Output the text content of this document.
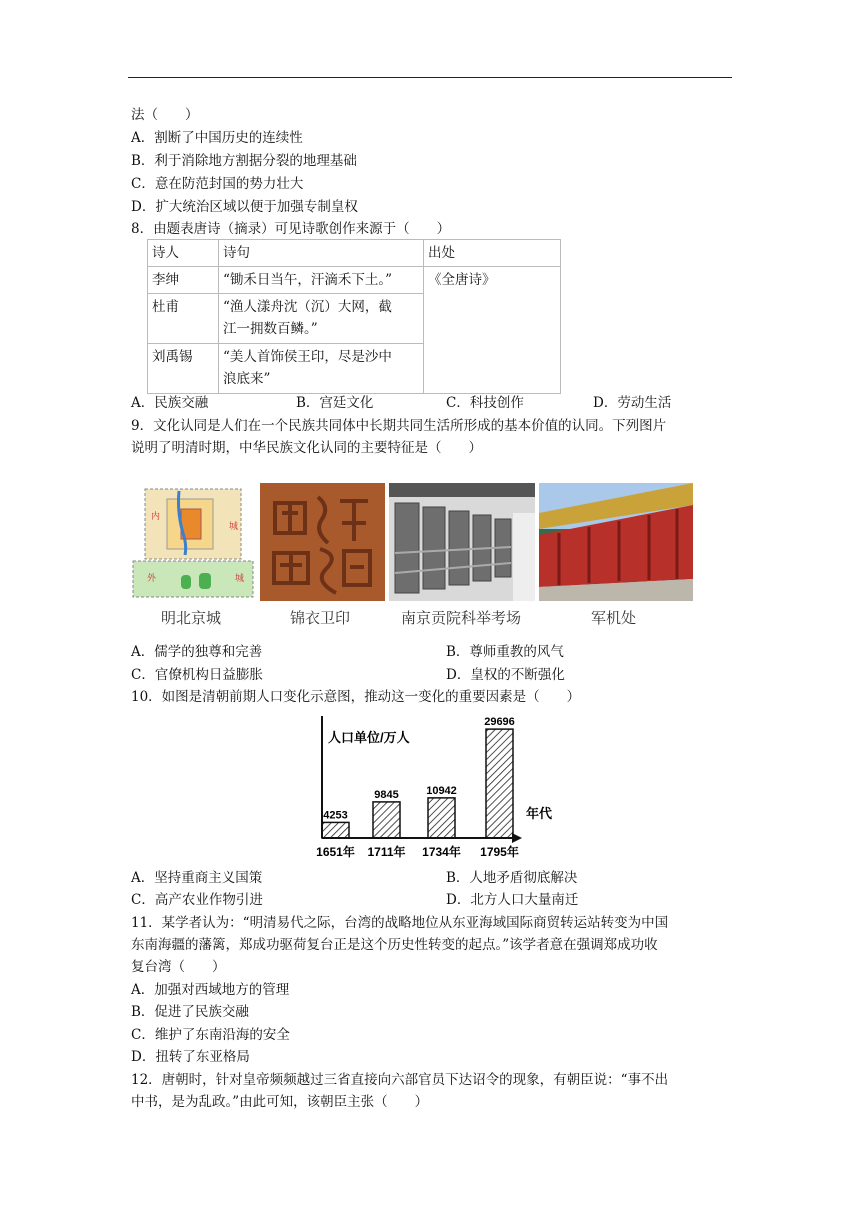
法（　　）
A．割断了中国历史的连续性
B．利于消除地方割据分裂的地理基础
C．意在防范封国的势力壮大
D．扩大统治区域以便于加强专制皇权
8．由题表唐诗（摘录）可见诗歌创作来源于（　　）
诗人	诗句	出处
李绅	“锄禾日当午，汗滴禾下土。”	《全唐诗》
杜甫	“渔人漾舟沈（沉）大网，截
江一拥数百鳞。”	
刘禹锡	“美人首饰侯王印，尽是沙中
浪底来”	
A．民族交融	B．宫廷文化	C．科技创作	D．劳动生活
9．文化认同是人们在一个民族共同体中长期共同生活所形成的基本价值的认同。下列图片
说明了明清时期，中华民族文化认同的主要特征是（　　）
内
城
外	城
明北京城	锦衣卫印	南京贡院科举考场	军机处
A．儒学的独尊和完善	B．尊师重教的风气
C．官僚机构日益膨胀	D．皇权的不断强化
10．如图是清朝前期人口变化示意图，推动这一变化的重要因素是（　　）
人口单位/万人
年代
4253
1651年
9845
1711年
10942
1734年
29696
1795年
A．坚持重商主义国策	B．人地矛盾彻底解决
C．高产农业作物引进	D．北方人口大量南迁
11．某学者认为：“明清易代之际，台湾的战略地位从东亚海域国际商贸转运站转变为中国
东南海疆的藩篱，郑成功驱荷复台正是这个历史性转变的起点。”该学者意在强调郑成功收
复台湾（　　）
A．加强对西域地方的管理
B．促进了民族交融
C．维护了东南沿海的安全
D．扭转了东亚格局
12．唐朝时，针对皇帝频频越过三省直接向六部官员下达诏令的现象，有朝臣说：“事不出
中书，是为乱政。”由此可知，该朝臣主张（　　）
